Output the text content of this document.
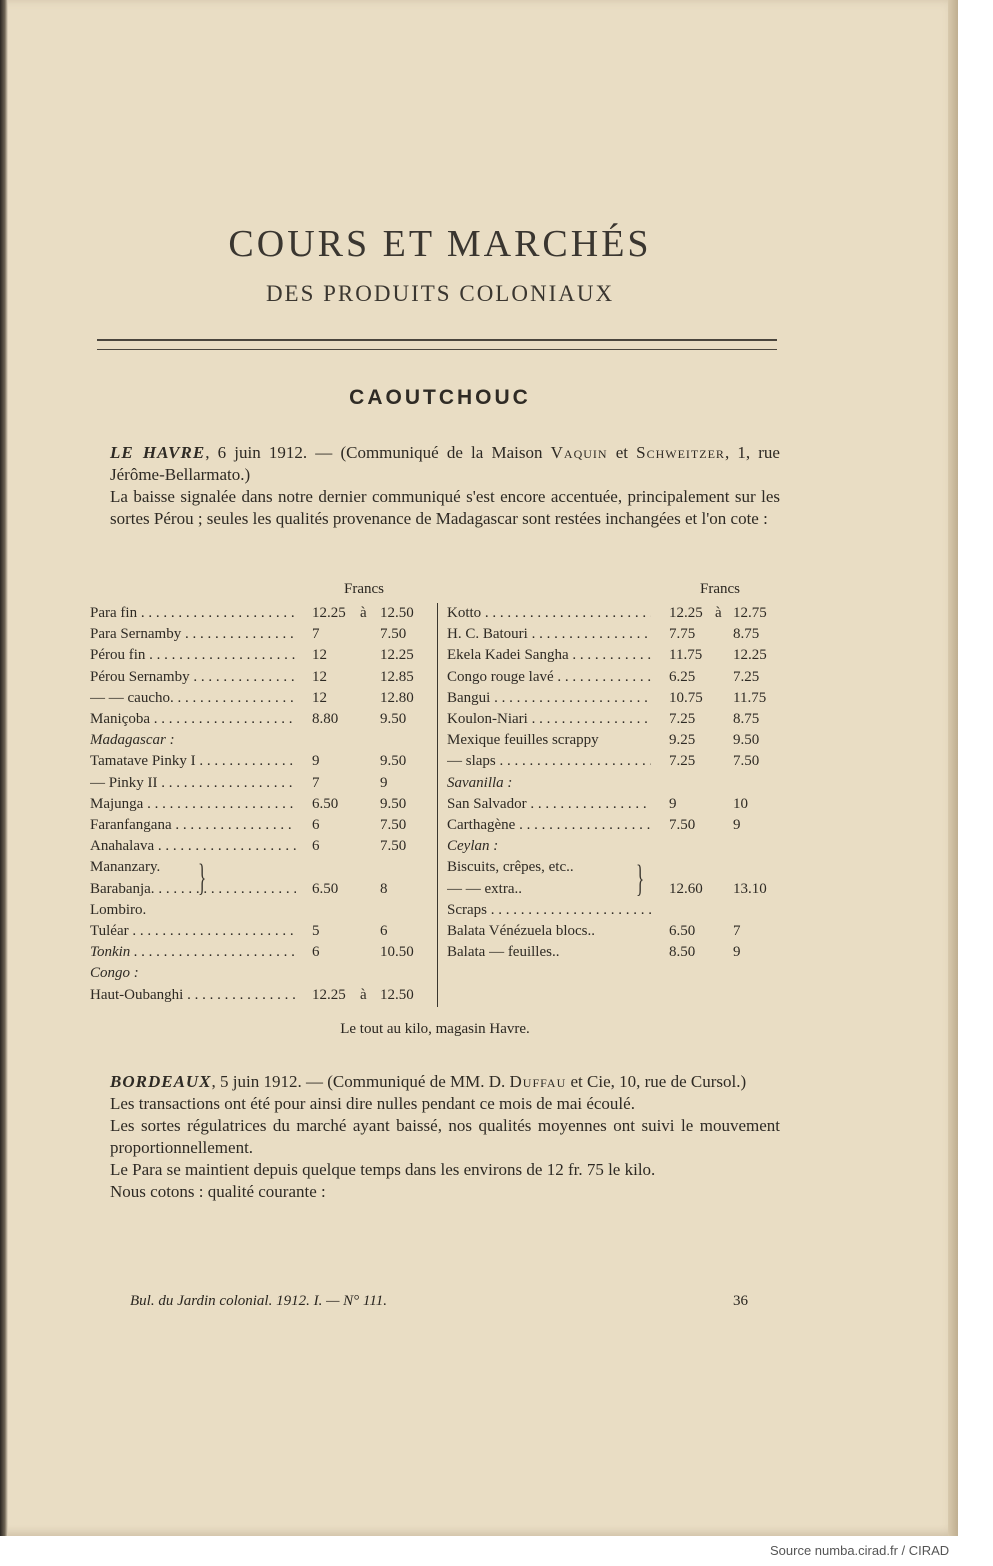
COURS ET MARCHÉS
DES PRODUITS COLONIAUX
CAOUTCHOUC
LE HAVRE, 6 juin 1912. — (Communiqué de la Maison Vaquin et Schweitzer, 1, rue Jérôme-Bellarmato.)
La baisse signalée dans notre dernier communiqué s'est encore accentuée, principalement sur les sortes Pérou ; seules les qualités provenance de Madagascar sont restées inchangées et l'on cote :
Francs	Francs
Para fin . . .	12.25 à 12.50
Para Sernamby . . .	7	7.50
Pérou fin . . .	12	12.25
Pérou Sernamby . . .	12	12.85
— — caucho. . . .	12	12.80
Maniçoba . . .	8.80	9.50
Madagascar :
Tamatave Pinky I . . .	9	9.50
— Pinky II . . .	7	9
Majunga . . .	6.50	9.50
Faranfangana . . .	6	7.50
Anahalava . . .	6	7.50
Mananzary.
Barabanja. . . .	6.50	8
Lombiro.
Tuléar . . .	5	6
Tonkin . . .	6	10.50
Congo :
Haut-Oubanghi . . .	12.25 à 12.50
Kotto . . .	12.25 à 12.75
H. C. Batouri . . .	7.75	8.75
Ekela Kadei Sangha . . .	11.75 12.25
Congo rouge lavé . . .	6.25	7.25
Bangui . . .	10.75 11.75
Koulon-Niari . . .	7.25	8.75
Mexique feuilles scrappy	9.25	9.50
— slaps . . .	7.25	7.50
Savanilla :
San Salvador . . .	9	10
Carthagène . . .	7.50	9
Ceylan :
Biscuits, crêpes, etc..
— — extra..	12.60 13.10
Scraps . . .
Balata Vénézuela blocs..	6.50	7
Balata — feuilles..	8.50	9
}	}
Le tout au kilo, magasin Havre.
BORDEAUX, 5 juin 1912. — (Communiqué de MM. D. Duffau et Cie, 10, rue de Cursol.)
Les transactions ont été pour ainsi dire nulles pendant ce mois de mai écoulé.
Les sortes régulatrices du marché ayant baissé, nos qualités moyennes ont suivi le mouvement proportionnellement.
Le Para se maintient depuis quelque temps dans les environs de 12 fr. 75 le kilo.
Nous cotons : qualité courante :
Bul. du Jardin colonial. 1912. I. — N° 111.	36
Source numba.cirad.fr / CIRAD
